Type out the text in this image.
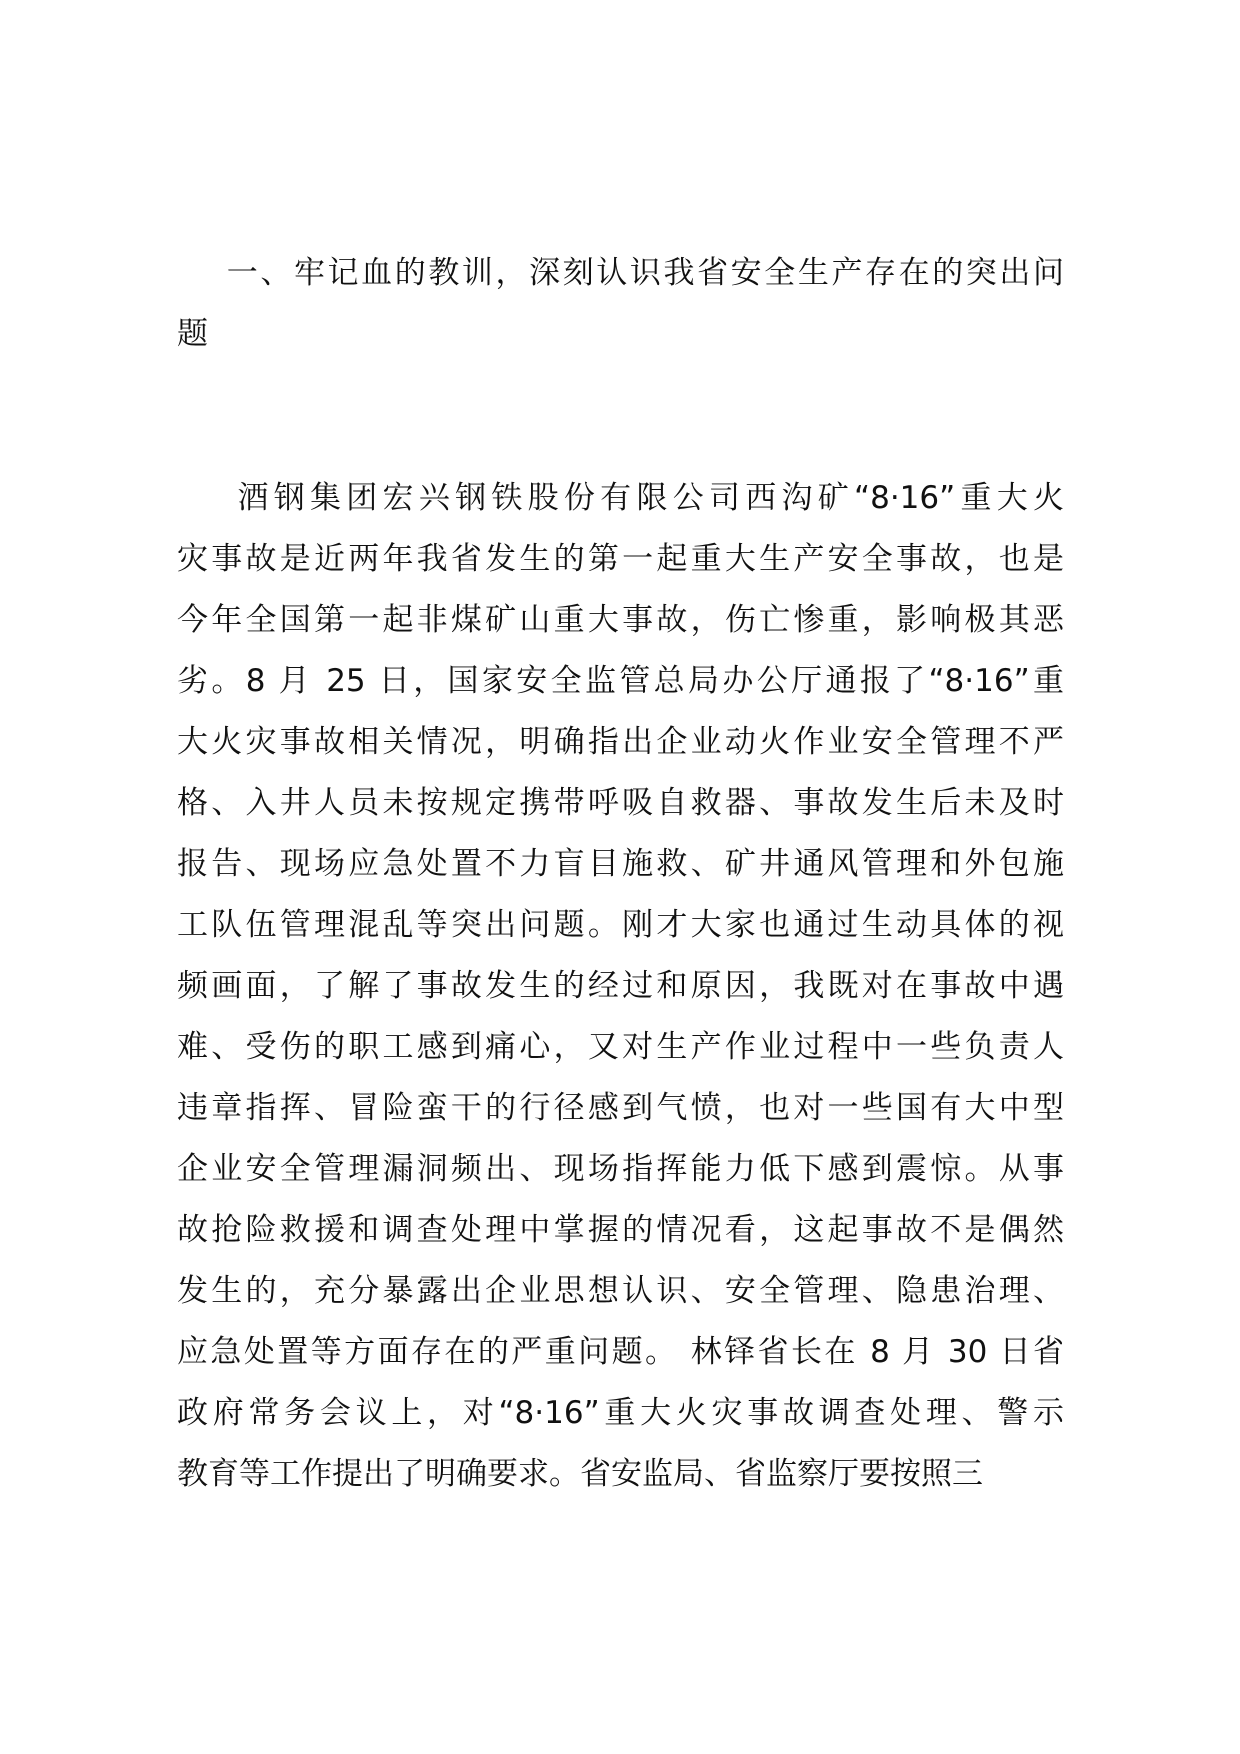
一、牢记血的教训，深刻认识我省安全生产存在的突出问
题
酒钢集团宏兴钢铁股份有限公司西沟矿“8·16”重大火
灾事故是近两年我省发生的第一起重大生产安全事故，也是
今年全国第一起非煤矿山重大事故，伤亡惨重，影响极其恶
劣。8 月 25 日，国家安全监管总局办公厅通报了“8·16”重
大火灾事故相关情况，明确指出企业动火作业安全管理不严
格、入井人员未按规定携带呼吸自救器、事故发生后未及时
报告、现场应急处置不力盲目施救、矿井通风管理和外包施
工队伍管理混乱等突出问题。刚才大家也通过生动具体的视
频画面，了解了事故发生的经过和原因，我既对在事故中遇
难、受伤的职工感到痛心，又对生产作业过程中一些负责人
违章指挥、冒险蛮干的行径感到气愤，也对一些国有大中型
企业安全管理漏洞频出、现场指挥能力低下感到震惊。从事
故抢险救援和调查处理中掌握的情况看，这起事故不是偶然
发生的，充分暴露出企业思想认识、安全管理、隐患治理、
应急处置等方面存在的严重问题。 林铎省长在 8 月 30 日省
政府常务会议上，对“8·16”重大火灾事故调查处理、警示
教育等工作提出了明确要求。省安监局、省监察厅要按照三
